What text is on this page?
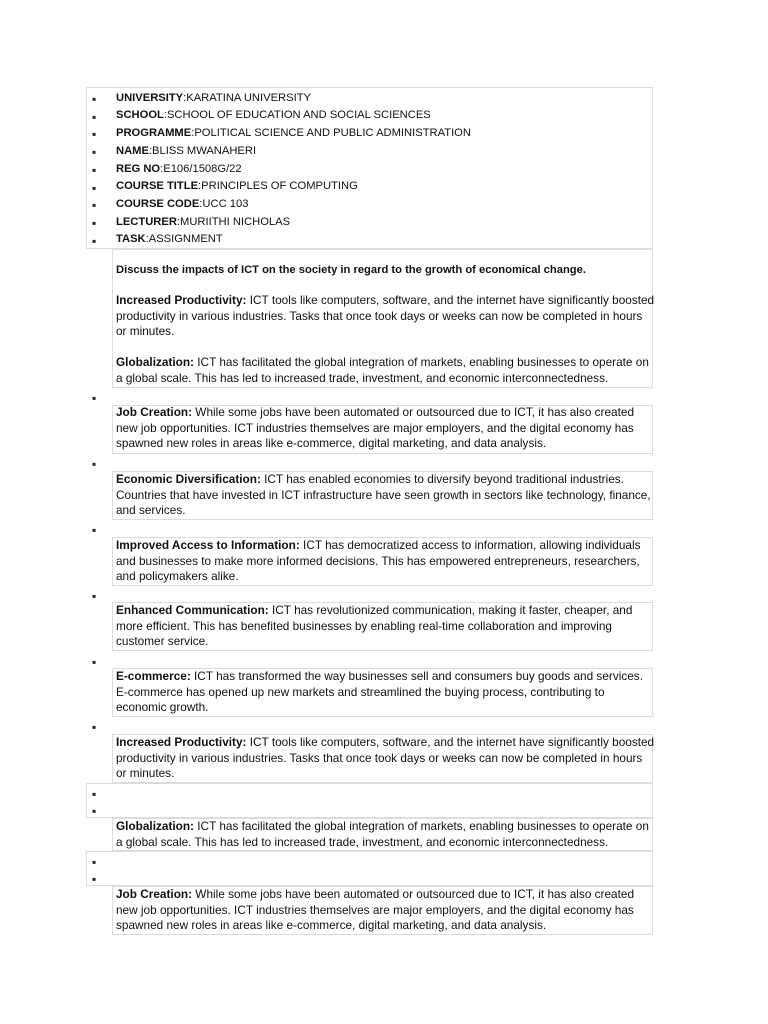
▪
▪
▪
▪
▪
▪
▪
▪
▪
UNIVERSITY:KARATINA UNIVERSITY
SCHOOL:SCHOOL OF EDUCATION AND SOCIAL SCIENCES
PROGRAMME:POLITICAL SCIENCE AND PUBLIC ADMINISTRATION
NAME:BLISS MWANAHERI
REG NO:E106/1508G/22
COURSE TITLE:PRINCIPLES OF COMPUTING
COURSE CODE:UCC 103
LECTURER:MURIITHI NICHOLAS
TASK:ASSIGNMENT
Discuss the impacts of ICT on the society in regard to the growth of economical change.
Increased Productivity: ICT tools like computers, software, and the internet have significantly boosted productivity in various industries. Tasks that once took days or weeks can now be completed in hours or minutes.
Globalization: ICT has facilitated the global integration of markets, enabling businesses to operate on a global scale. This has led to increased trade, investment, and economic interconnectedness.
▪
Job Creation: While some jobs have been automated or outsourced due to ICT, it has also created new job opportunities. ICT industries themselves are major employers, and the digital economy has spawned new roles in areas like e-commerce, digital marketing, and data analysis.
▪
Economic Diversification: ICT has enabled economies to diversify beyond traditional industries. Countries that have invested in ICT infrastructure have seen growth in sectors like technology, finance, and services.
▪
Improved Access to Information: ICT has democratized access to information, allowing individuals and businesses to make more informed decisions. This has empowered entrepreneurs, researchers, and policymakers alike.
▪
Enhanced Communication: ICT has revolutionized communication, making it faster, cheaper, and more efficient. This has benefited businesses by enabling real-time collaboration and improving customer service.
▪
E-commerce: ICT has transformed the way businesses sell and consumers buy goods and services. E-commerce has opened up new markets and streamlined the buying process, contributing to economic growth.
▪
Increased Productivity: ICT tools like computers, software, and the internet have significantly boosted productivity in various industries. Tasks that once took days or weeks can now be completed in hours or minutes.
▪
▪
Globalization: ICT has facilitated the global integration of markets, enabling businesses to operate on a global scale. This has led to increased trade, investment, and economic interconnectedness.
▪
▪
Job Creation: While some jobs have been automated or outsourced due to ICT, it has also created new job opportunities. ICT industries themselves are major employers, and the digital economy has spawned new roles in areas like e-commerce, digital marketing, and data analysis.
